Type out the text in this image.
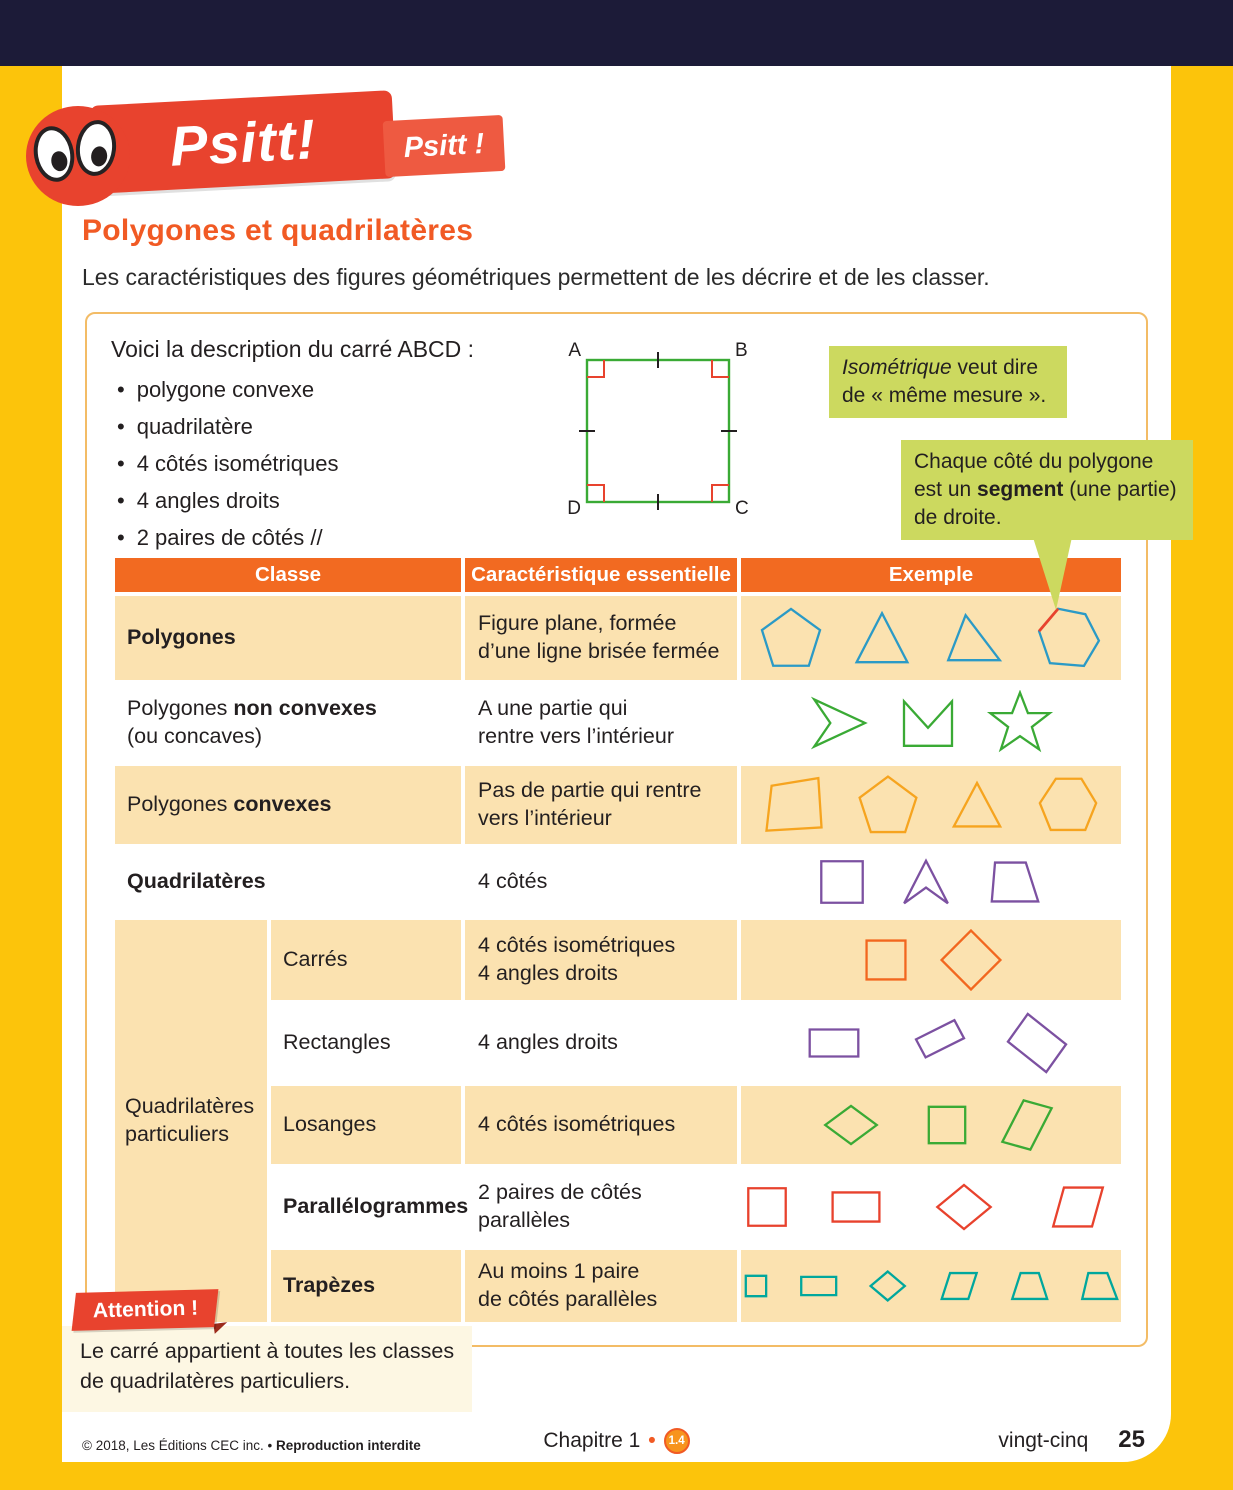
Psitt!	Psitt !
Polygones et quadrilatères

Les caractéristiques des figures géométriques permettent de les décrire et de les classer.

Voici la description du carré ABCD :

• polygone convexe
• quadrilatère
• 4 côtés isométriques
• 4 angles droits
• 2 paires de côtés //
A	B
D	C
Isométrique veut dire
de « même mesure ».
Chaque côté du polygone
est un segment (une partie)
de droite.
Classe		Caractéristique essentielle	Exemple
Polygones		Figure plane, formée
d’une ligne brisée fermée	

Polygones non convexes
(ou concaves)		A une partie qui
rentre vers l’intérieur	

Polygones convexes		Pas de partie qui rentre
vers l’intérieur	

Quadrilatères		4 côtés	

Quadrilatères
particuliers	Carrés	4 côtés isométriques
4 angles droits	

	Rectangles	4 angles droits	

	Losanges	4 côtés isométriques	

	Parallélogrammes	2 paires de côtés
parallèles	

	Trapèzes	Au moins 1 paire
de côtés parallèles	

Le carré appartient à toutes les classes
de quadrilatères particuliers.

Attention !
© 2018, Les Éditions CEC inc. • Reproduction interdite	Chapitre 1 •	1.4	vingt-cinq 25
